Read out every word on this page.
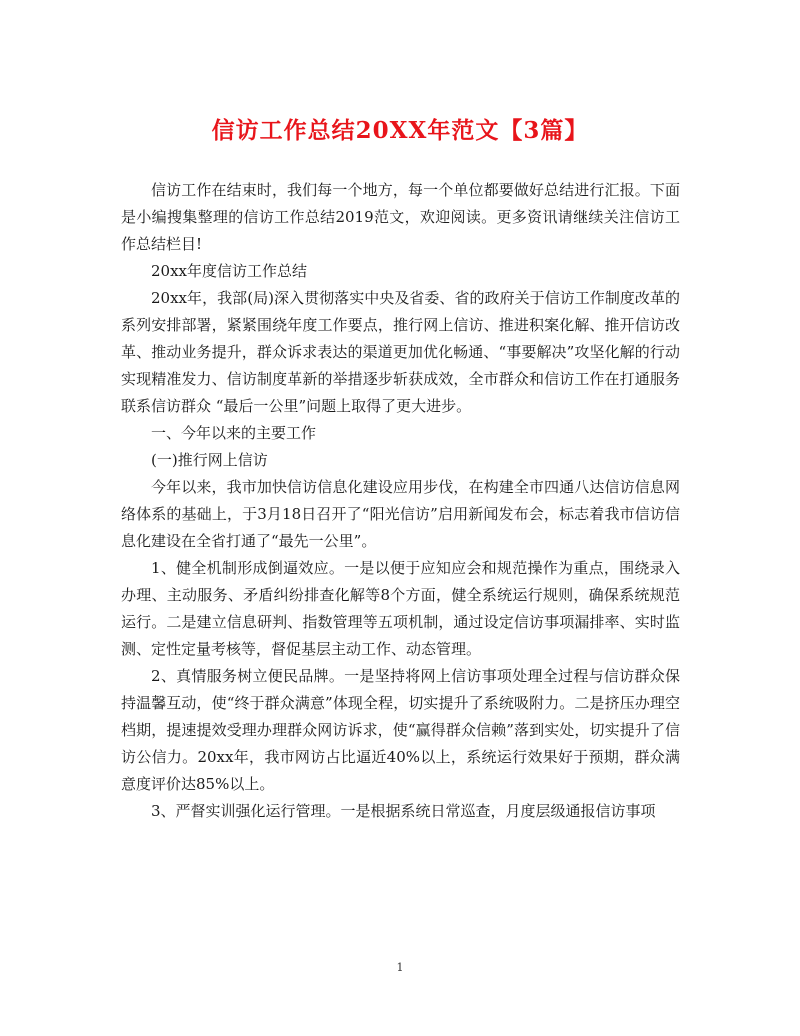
信访工作总结20XX年范文【3篇】

信访工作在结束时，我们每一个地方，每一个单位都要做好总结进行汇报。下面是小编搜集整理的信访工作总结2019范文，欢迎阅读。更多资讯请继续关注信访工作总结栏目!

20xx年度信访工作总结

20xx年，我部(局)深入贯彻落实中央及省委、省的政府关于信访工作制度改革的系列安排部署，紧紧围绕年度工作要点，推行网上信访、推进积案化解、推开信访改革、推动业务提升，群众诉求表达的渠道更加优化畅通、“事要解决”攻坚化解的行动实现精准发力、信访制度革新的举措逐步斩获成效，全市群众和信访工作在打通服务联系信访群众 “最后一公里”问题上取得了更大进步。

一、今年以来的主要工作

(一)推行网上信访

今年以来，我市加快信访信息化建设应用步伐，在构建全市四通八达信访信息网络体系的基础上，于3月18日召开了“阳光信访”启用新闻发布会，标志着我市信访信息化建设在全省打通了“最先一公里”。

1、健全机制形成倒逼效应。一是以便于应知应会和规范操作为重点，围绕录入办理、主动服务、矛盾纠纷排查化解等8个方面，健全系统运行规则，确保系统规范运行。二是建立信息研判、指数管理等五项机制，通过设定信访事项漏排率、实时监测、定性定量考核等，督促基层主动工作、动态管理。

2、真情服务树立便民品牌。一是坚持将网上信访事项处理全过程与信访群众保持温馨互动，使“终于群众满意”体现全程，切实提升了系统吸附力。二是挤压办理空档期，提速提效受理办理群众网访诉求，使“赢得群众信赖”落到实处，切实提升了信访公信力。20xx年，我市网访占比逼近40%以上，系统运行效果好于预期，群众满意度评价达85%以上。

3、严督实训强化运行管理。一是根据系统日常巡查，月度层级通报信访事项

1
